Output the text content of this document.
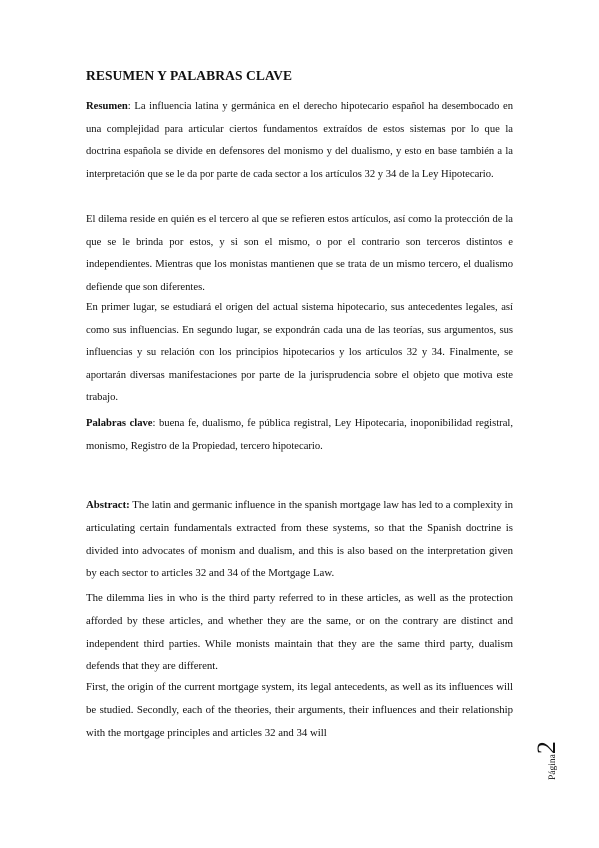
RESUMEN Y PALABRAS CLAVE

Resumen: La influencia latina y germánica en el derecho hipotecario español ha desembocado en una complejidad para articular ciertos fundamentos extraídos de estos sistemas por lo que la doctrina española se divide en defensores del monismo y del dualismo, y esto en base también a la interpretación que se le da por parte de cada sector a los artículos 32 y 34 de la Ley Hipotecario.

El dilema reside en quién es el tercero al que se refieren estos artículos, así como la protección de la que se le brinda por estos, y si son el mismo, o por el contrario son terceros distintos e independientes. Mientras que los monistas mantienen que se trata de un mismo tercero, el dualismo defiende que son diferentes.

En primer lugar, se estudiará el origen del actual sistema hipotecario, sus antecedentes legales, así como sus influencias. En segundo lugar, se expondrán cada una de las teorías, sus argumentos, sus influencias y su relación con los principios hipotecarios y los artículos 32 y 34. Finalmente, se aportarán diversas manifestaciones por parte de la jurisprudencia sobre el objeto que motiva este trabajo.

Palabras clave: buena fe, dualismo, fe pública registral, Ley Hipotecaria, inoponibilidad registral, monismo, Registro de la Propiedad, tercero hipotecario.

Abstract: The latin and germanic influence in the spanish mortgage law has led to a complexity in articulating certain fundamentals extracted from these systems, so that the Spanish doctrine is divided into advocates of monism and dualism, and this is also based on the interpretation given by each sector to articles 32 and 34 of the Mortgage Law.

The dilemma lies in who is the third party referred to in these articles, as well as the protection afforded by these articles, and whether they are the same, or on the contrary are distinct and independent third parties. While monists maintain that they are the same third party, dualism defends that they are different.

First, the origin of the current mortgage system, its legal antecedents, as well as its influences will be studied. Secondly, each of the theories, their arguments, their influences and their relationship with the mortgage principles and articles 32 and 34 will

Página2
